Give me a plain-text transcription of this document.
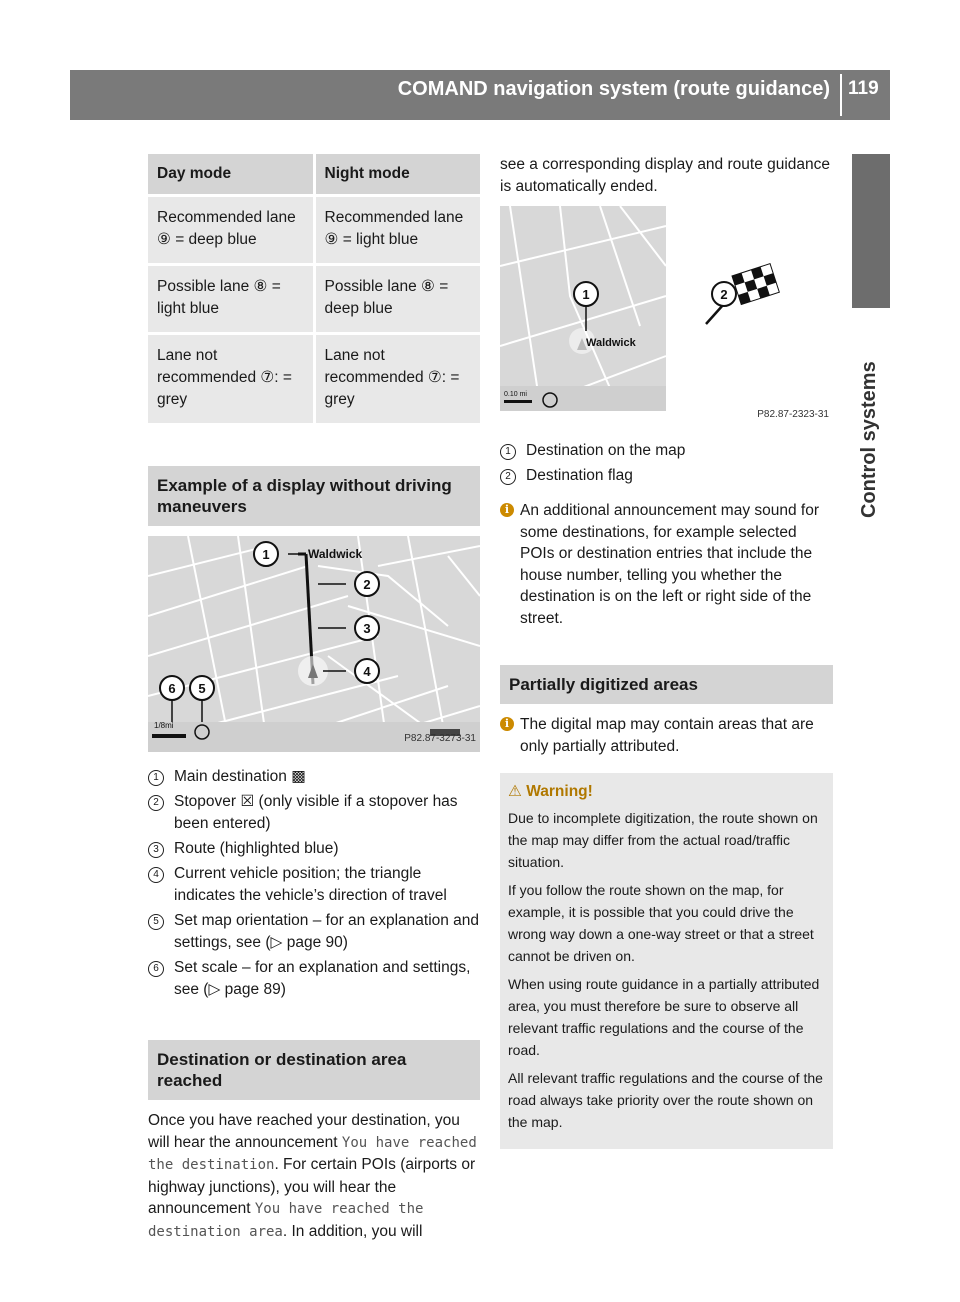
COMAND navigation system (route guidance) 119
Control systems
Day mode	Night mode
Recommended lane ⑨ = deep blue	Recommended lane ⑨ = light blue
Possible lane ⑧ = light blue	Possible lane ⑧ = deep blue
Lane not recommended ⑦: = grey	Lane not recommended ⑦: = grey
Example of a display without driving maneuvers
1
2
3
4
6 5
Waldwick
1/8mi
P82.87-3273-31
1 Main destination ▩
2 Stopover ☒ (only visible if a stopover has been entered)
3 Route (highlighted blue)
4 Current vehicle position; the triangle indicates the vehicle’s direction of travel
5 Set map orientation – for an explanation and settings, see (▷ page 90)
6 Set scale – for an explanation and settings, see (▷ page 89)
Destination or destination area reached

Once you have reached your destination, you will hear the announcement You have reached the destination. For certain POIs (airports or highway junctions), you will hear the announcement You have reached the destination area. In addition, you will

see a corresponding display and route guidance is automatically ended.

1
Waldwick
0.10 mi
2
P82.87-2323-31
1 Destination on the map
2 Destination flag
i An additional announcement may sound for some destinations, for example selected POIs or destination entries that include the house number, telling you whether the destination is on the left or right side of the street.
Partially digitized areas
i The digital map may contain areas that are only partially attributed.
⚠ Warning!

Due to incomplete digitization, the route shown on the map may differ from the actual road/traffic situation.

If you follow the route shown on the map, for example, it is possible that you could drive the wrong way down a one-way street or that a street cannot be driven on.

When using route guidance in a partially attributed area, you must therefore be sure to observe all relevant traffic regulations and the course of the road.

All relevant traffic regulations and the course of the road always take priority over the route shown on the map.
